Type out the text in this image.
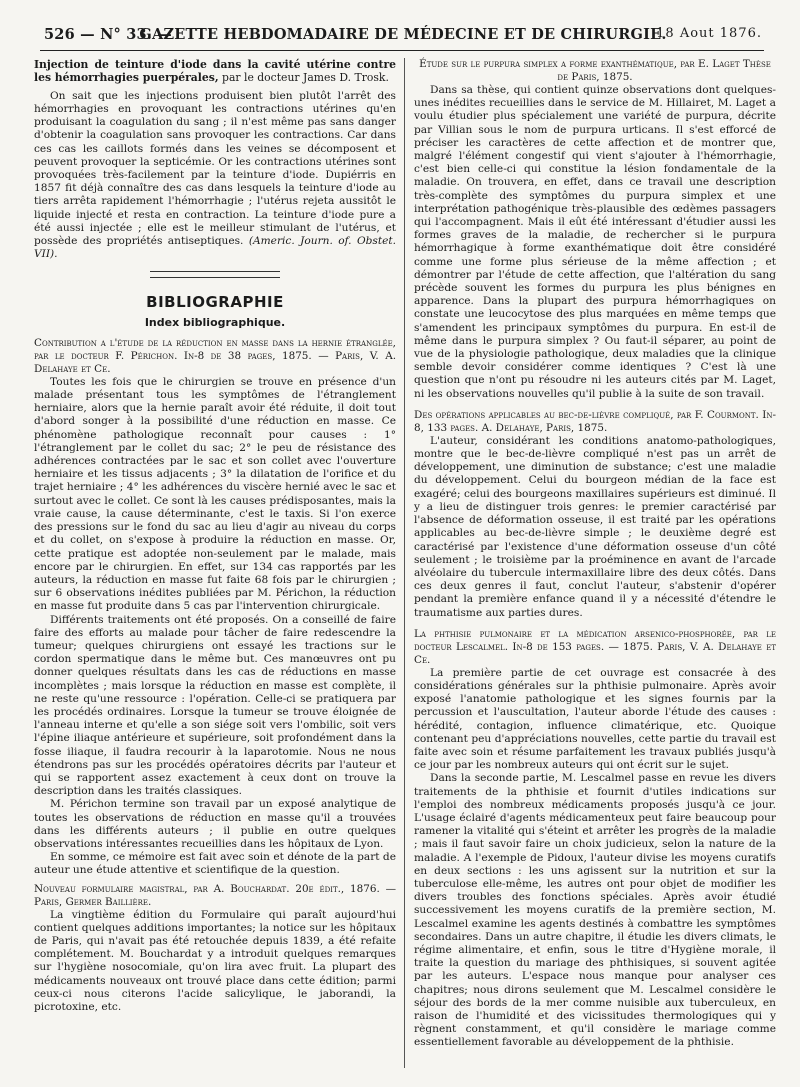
526 — N° 33. —
GAZETTE HEBDOMADAIRE DE MÉDECINE ET DE CHIRURGIE.
18 Aout 1876.

Injection de teinture d'iode dans la cavité utérine contre les hémorrhagies puerpérales, par le docteur James D. Trosk.

On sait que les injections produisent bien plutôt l'arrêt des hémorrhagies en provoquant les contractions utérines qu'en produisant la coagulation du sang ; il n'est même pas sans danger d'obtenir la coagulation sans provoquer les contractions. Car dans ces cas les caillots formés dans les veines se décomposent et peuvent provoquer la septicémie. Or les contractions utérines sont provoquées très-facilement par la teinture d'iode. Dupiérris en 1857 fit déjà connaître des cas dans lesquels la teinture d'iode au tiers arrêta rapidement l'hémorrhagie ; l'utérus rejeta aussitôt le liquide injecté et resta en contraction. La teinture d'iode pure a été aussi injectée ; elle est le meilleur stimulant de l'utérus, et possède des propriétés antiseptiques. (Americ. Journ. of. Obstet. VII).

BIBLIOGRAPHIE
Index bibliographique.

Contribution a l'étude de la réduction en masse dans la hernie étranglée, par le docteur F. Périchon. In-8 de 38 pages, 1875. — Paris, V. A. Delahaye et Ce.

Toutes les fois que le chirurgien se trouve en présence d'un malade présentant tous les symptômes de l'étranglement herniaire, alors que la hernie paraît avoir été réduite, il doit tout d'abord songer à la possibilité d'une réduction en masse. Ce phénomène pathologique reconnaît pour causes : 1° l'étranglement par le collet du sac; 2° le peu de résistance des adhérences contractées par le sac et son collet avec l'ouverture herniaire et les tissus adjacents ; 3° la dilatation de l'orifice et du trajet herniaire ; 4° les adhérences du viscère hernié avec le sac et surtout avec le collet. Ce sont là les causes prédisposantes, mais la vraie cause, la cause déterminante, c'est le taxis. Si l'on exerce des pressions sur le fond du sac au lieu d'agir au niveau du corps et du collet, on s'expose à produire la réduction en masse. Or, cette pratique est adoptée non-seulement par le malade, mais encore par le chirurgien. En effet, sur 134 cas rapportés par les auteurs, la réduction en masse fut faite 68 fois par le chirurgien ; sur 6 observations inédites publiées par M. Périchon, la réduction en masse fut produite dans 5 cas par l'intervention chirurgicale.

Différents traitements ont été proposés. On a conseillé de faire faire des efforts au malade pour tâcher de faire redescendre la tumeur; quelques chirurgiens ont essayé les tractions sur le cordon spermatique dans le même but. Ces manœuvres ont pu donner quelques résultats dans les cas de réductions en masse incomplètes ; mais lorsque la réduction en masse est complète, il ne reste qu'une ressource : l'opération. Celle-ci se pratiquera par les procédés ordinaires. Lorsque la tumeur se trouve éloignée de l'anneau interne et qu'elle a son siége soit vers l'ombilic, soit vers l'épine iliaque antérieure et supérieure, soit profondément dans la fosse iliaque, il faudra recourir à la laparotomie. Nous ne nous étendrons pas sur les procédés opératoires décrits par l'auteur et qui se rapportent assez exactement à ceux dont on trouve la description dans les traités classiques.

M. Périchon termine son travail par un exposé analytique de toutes les observations de réduction en masse qu'il a trouvées dans les différents auteurs ; il publie en outre quelques observations intéressantes recueillies dans les hôpitaux de Lyon.

En somme, ce mémoire est fait avec soin et dénote de la part de auteur une étude attentive et scientifique de la question.

Nouveau formulaire magistral, par A. Bouchardat. 20e édit., 1876. — Paris, Germer Baillière.

La vingtième édition du Formulaire qui paraît aujourd'hui contient quelques additions importantes; la notice sur les hôpitaux de Paris, qui n'avait pas été retouchée depuis 1839, a été refaite complétement. M. Bouchardat y a introduit quelques remarques sur l'hygiène nosocomiale, qu'on lira avec fruit. La plupart des médicaments nouveaux ont trouvé place dans cette édition; parmi ceux-ci nous citerons l'acide salicylique, le jaborandi, la picrotoxine, etc.

Étude sur le purpura simplex a forme exanthématique, par E. Laget Thèse de Paris, 1875.

Dans sa thèse, qui contient quinze observations dont quelques-unes inédites recueillies dans le service de M. Hillairet, M. Laget a voulu étudier plus spécialement une variété de purpura, décrite par Villian sous le nom de purpura urticans. Il s'est efforcé de préciser les caractères de cette affection et de montrer que, malgré l'élément congestif qui vient s'ajouter à l'hémorrhagie, c'est bien celle-ci qui constitue la lésion fondamentale de la maladie. On trouvera, en effet, dans ce travail une description très-complète des symptômes du purpura simplex et une interprétation pathogénique très-plausible des œdèmes passagers qui l'accompagnent. Mais il eût été intéressant d'étudier aussi les formes graves de la maladie, de rechercher si le purpura hémorrhagique à forme exanthématique doit être considéré comme une forme plus sérieuse de la même affection ; et démontrer par l'étude de cette affection, que l'altération du sang précède souvent les formes du purpura les plus bénignes en apparence. Dans la plupart des purpura hémorrhagiques on constate une leucocytose des plus marquées en même temps que s'amendent les principaux symptômes du purpura. En est-il de même dans le purpura simplex ? Ou faut-il séparer, au point de vue de la physiologie pathologique, deux maladies que la clinique semble devoir considérer comme identiques ? C'est là une question que n'ont pu résoudre ni les auteurs cités par M. Laget, ni les observations nouvelles qu'il publie à la suite de son travail.

Des opérations applicables au bec-de-lièvre compliqué, par F. Courmont. In-8, 133 pages. A. Delahaye, Paris, 1875.

L'auteur, considérant les conditions anatomo-pathologiques, montre que le bec-de-lièvre compliqué n'est pas un arrêt de développement, une diminution de substance; c'est une maladie du développement. Celui du bourgeon médian de la face est exagéré; celui des bourgeons maxillaires supérieurs est diminué. Il y a lieu de distinguer trois genres: le premier caractérisé par l'absence de déformation osseuse, il est traité par les opérations applicables au bec-de-lièvre simple ; le deuxième degré est caractérisé par l'existence d'une déformation osseuse d'un côté seulement ; le troisième par la proéminence en avant de l'arcade alvéolaire du tubercule intermaxillaire libre des deux côtés. Dans ces deux genres il faut, conclut l'auteur, s'abstenir d'opérer pendant la première enfance quand il y a nécessité d'étendre le traumatisme aux parties dures.

La phthisie pulmonaire et la médication arsenico-phosphorée, par le docteur Lescalmel. In-8 de 153 pages. — 1875. Paris, V. A. Delahaye et Ce.

La première partie de cet ouvrage est consacrée à des considérations générales sur la phthisie pulmonaire. Après avoir exposé l'anatomie pathologique et les signes fournis par la percussion et l'auscultation, l'auteur aborde l'étude des causes : hérédité, contagion, influence climatérique, etc. Quoique contenant peu d'appréciations nouvelles, cette partie du travail est faite avec soin et résume parfaitement les travaux publiés jusqu'à ce jour par les nombreux auteurs qui ont écrit sur le sujet.

Dans la seconde partie, M. Lescalmel passe en revue les divers traitements de la phthisie et fournit d'utiles indications sur l'emploi des nombreux médicaments proposés jusqu'à ce jour. L'usage éclairé d'agents médicamenteux peut faire beaucoup pour ramener la vitalité qui s'éteint et arrêter les progrès de la maladie ; mais il faut savoir faire un choix judicieux, selon la nature de la maladie. A l'exemple de Pidoux, l'auteur divise les moyens curatifs en deux sections : les uns agissent sur la nutrition et sur la tuberculose elle-même, les autres ont pour objet de modifier les divers troubles des fonctions spéciales. Après avoir étudié successivement les moyens curatifs de la première section, M. Lescalmel examine les agents destinés à combattre les symptômes secondaires. Dans un autre chapitre, il étudie les divers climats, le régime alimentaire, et enfin, sous le titre d'Hygiène morale, il traite la question du mariage des phthisiques, si souvent agitée par les auteurs. L'espace nous manque pour analyser ces chapitres; nous dirons seulement que M. Lescalmel considère le séjour des bords de la mer comme nuisible aux tuberculeux, en raison de l'humidité et des vicissitudes thermologiques qui y règnent constamment, et qu'il considère le mariage comme essentiellement favorable au développement de la phthisie.
